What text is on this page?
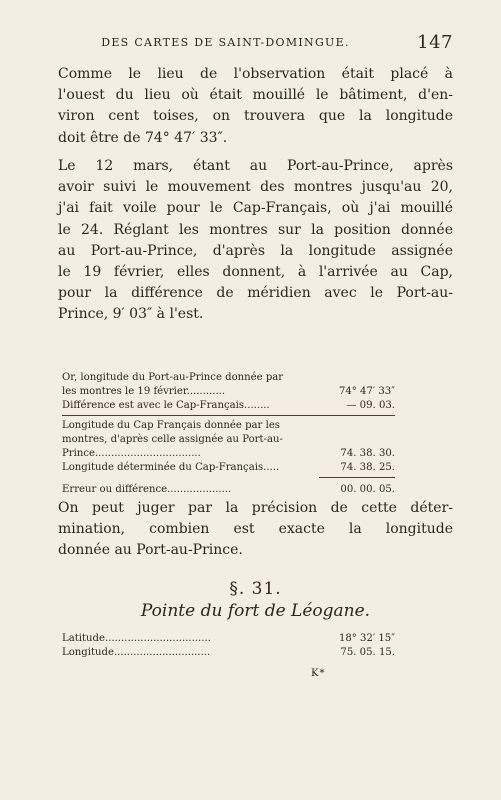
DES CARTES DE SAINT-DOMINGUE.	147
Comme le lieu de l'observation était placé à
l'ouest du lieu où était mouillé le bâtiment, d'en-
viron cent toises, on trouvera que la longitude
doit être de 74° 47′ 33″.
Le 12 mars, étant au Port-au-Prince, après
avoir suivi le mouvement des montres jusqu'au 20,
j'ai fait voile pour le Cap-Français, où j'ai mouillé
le 24. Réglant les montres sur la position donnée
au Port-au-Prince, d'après la longitude assignée
le 19 février, elles donnent, à l'arrivée au Cap,
pour la différence de méridien avec le Port-au-
Prince, 9′ 03″ à l'est.
Or, longitude du Port-au-Prince donnée par
les montres le 19 février............	74° 47′ 33″
Différence est avec le Cap-Français........	— 09. 03.
Longitude du Cap Français donnée par les
montres, d'après celle assignée au Port-au-
Prince.................................	74. 38. 30.
Longitude déterminée du Cap-Français.....	74. 38. 25.
Erreur ou différence....................	00. 00. 05.
On peut juger par la précision de cette déter-
mination, combien est exacte la longitude
donnée au Port-au-Prince.
§. 31.
Pointe du fort de Léogane.
Latitude.................................	18° 32′ 15″
Longitude..............................	75. 05. 15.
K*
